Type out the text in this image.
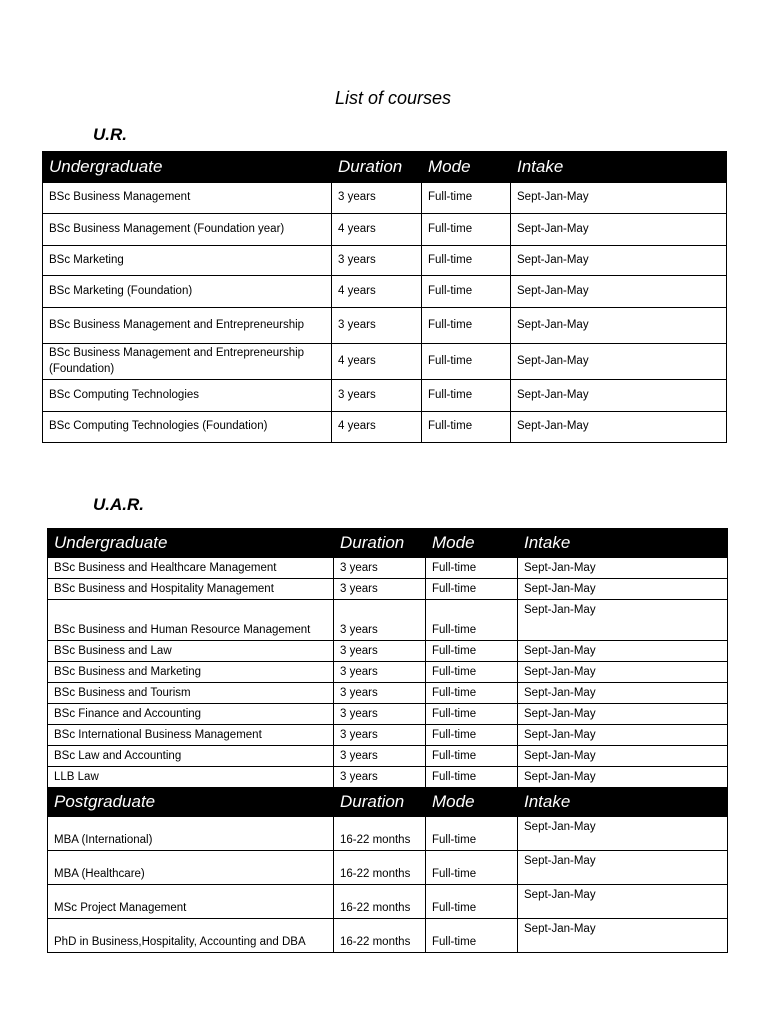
List of courses
U.R.
Undergraduate	Duration	Mode	Intake
BSc Business Management	3 years	Full-time	Sept-Jan-May
BSc Business Management (Foundation year)	4 years	Full-time	Sept-Jan-May
BSc Marketing	3 years	Full-time	Sept-Jan-May
BSc Marketing (Foundation)	4 years	Full-time	Sept-Jan-May
BSc Business Management and Entrepreneurship	3 years	Full-time	Sept-Jan-May
BSc Business Management and Entrepreneurship (Foundation)	4 years	Full-time	Sept-Jan-May
BSc Computing Technologies	3 years	Full-time	Sept-Jan-May
BSc Computing Technologies (Foundation)	4 years	Full-time	Sept-Jan-May
U.A.R.
Undergraduate	Duration	Mode	Intake
BSc Business and Healthcare Management	3 years	Full-time	Sept-Jan-May
BSc Business and Hospitality Management	3 years	Full-time	Sept-Jan-May
BSc Business and Human Resource Management	3 years	Full-time	Sept-Jan-May
BSc Business and Law	3 years	Full-time	Sept-Jan-May
BSc Business and Marketing	3 years	Full-time	Sept-Jan-May
BSc Business and Tourism	3 years	Full-time	Sept-Jan-May
BSc Finance and Accounting	3 years	Full-time	Sept-Jan-May
BSc International Business Management	3 years	Full-time	Sept-Jan-May
BSc Law and Accounting	3 years	Full-time	Sept-Jan-May
LLB Law	3 years	Full-time	Sept-Jan-May
Postgraduate	Duration	Mode	Intake
MBA (International)	16-22 months	Full-time	Sept-Jan-May
MBA (Healthcare)	16-22 months	Full-time	Sept-Jan-May
MSc Project Management	16-22 months	Full-time	Sept-Jan-May
PhD in Business,Hospitality, Accounting and DBA	16-22 months	Full-time	Sept-Jan-May
